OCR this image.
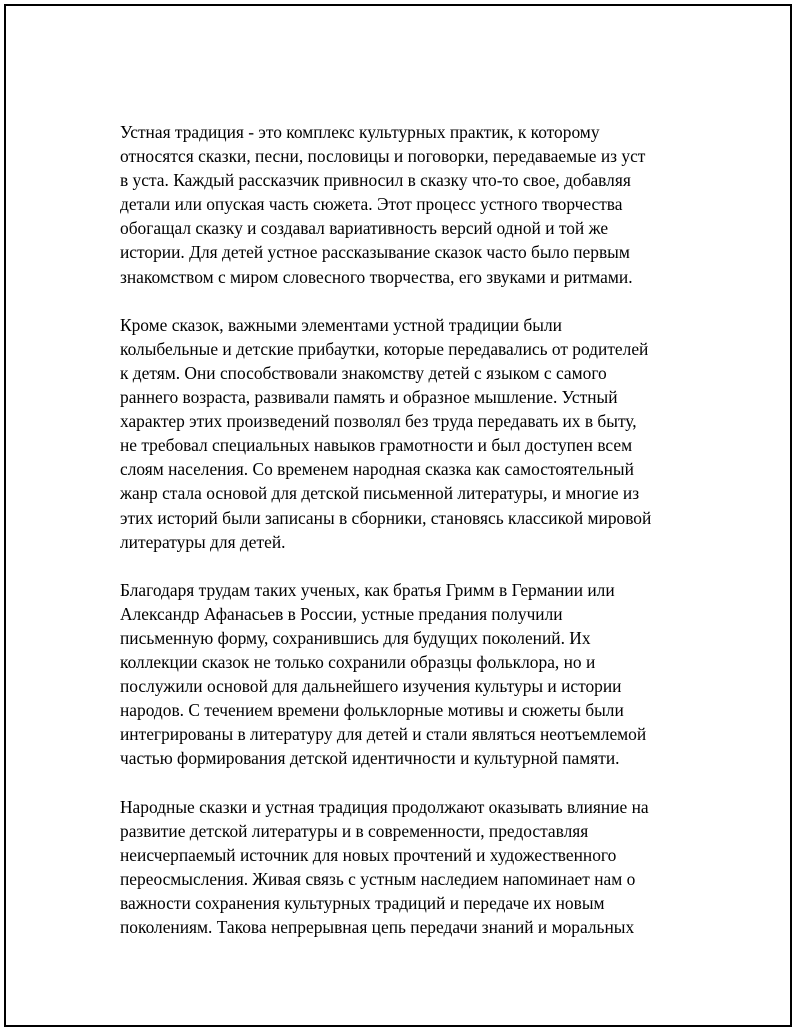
Устная традиция - это комплекс культурных практик, к которому
относятся сказки, песни, пословицы и поговорки, передаваемые из уст
в уста. Каждый рассказчик привносил в сказку что-то свое, добавляя
детали или опуская часть сюжета. Этот процесс устного творчества
обогащал сказку и создавал вариативность версий одной и той же
истории. Для детей устное рассказывание сказок часто было первым
знакомством с миром словесного творчества, его звуками и ритмами.

Кроме сказок, важными элементами устной традиции были
колыбельные и детские прибаутки, которые передавались от родителей
к детям. Они способствовали знакомству детей с языком с самого
раннего возраста, развивали память и образное мышление. Устный
характер этих произведений позволял без труда передавать их в быту,
не требовал специальных навыков грамотности и был доступен всем
слоям населения. Со временем народная сказка как самостоятельный
жанр стала основой для детской письменной литературы, и многие из
этих историй были записаны в сборники, становясь классикой мировой
литературы для детей.

Благодаря трудам таких ученых, как братья Гримм в Германии или
Александр Афанасьев в России, устные предания получили
письменную форму, сохранившись для будущих поколений. Их
коллекции сказок не только сохранили образцы фольклора, но и
послужили основой для дальнейшего изучения культуры и истории
народов. С течением времени фольклорные мотивы и сюжеты были
интегрированы в литературу для детей и стали являться неотъемлемой
частью формирования детской идентичности и культурной памяти.

Народные сказки и устная традиция продолжают оказывать влияние на
развитие детской литературы и в современности, предоставляя
неисчерпаемый источник для новых прочтений и художественного
переосмысления. Живая связь с устным наследием напоминает нам о
важности сохранения культурных традиций и передаче их новым
поколениям. Такова непрерывная цепь передачи знаний и моральных
